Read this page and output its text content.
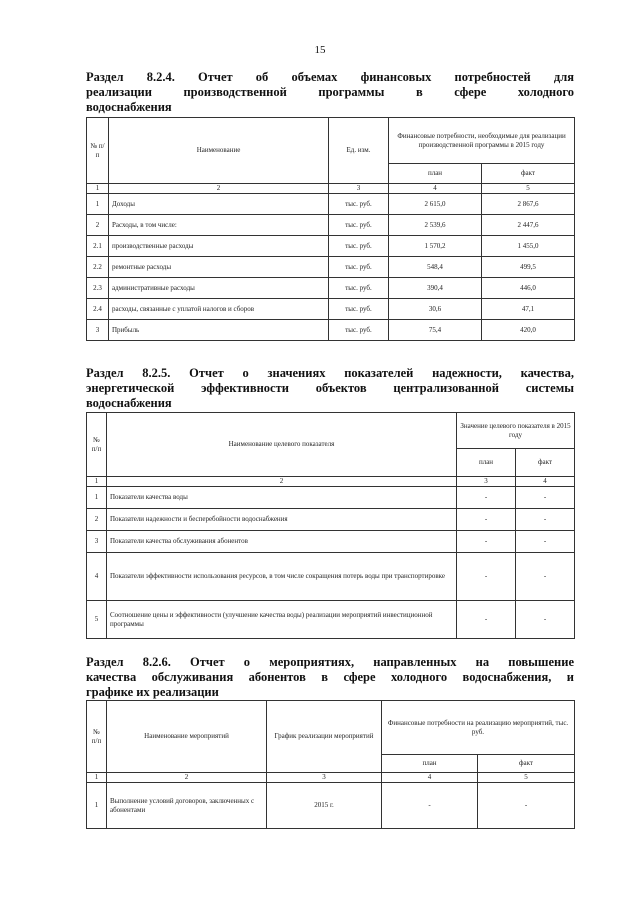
15
Раздел 8.2.4. Отчет об объемах финансовых потребностей для
реализации производственной программы в сфере холодного
водоснабжения
№ п/п	Наименование	Ед. изм.	Финансовые потребности, необходимые для реализации производственной программы в 2015 году	
			план	факт
1	2	3	4	5
1	Доходы	тыс. руб.	2 615,0	2 867,6
2	Расходы, в том числе:	тыс. руб.	2 539,6	2 447,6
2.1	производственные расходы	тыс. руб.	1 570,2	1 455,0
2.2	ремонтные расходы	тыс. руб.	548,4	499,5
2.3	административные расходы	тыс. руб.	390,4	446,0
2.4	расходы, связанные с уплатой налогов и сборов	тыс. руб.	30,6	47,1
3	Прибыль	тыс. руб.	75,4	420,0
Раздел 8.2.5. Отчет о значениях показателей надежности, качества,
энергетической эффективности объектов централизованной системы
водоснабжения
№ п/п	Наименование целевого показателя	Значение целевого показателя в 2015 году	
		план	факт
1	2	3	4
1	Показатели качества воды	-	-
2	Показатели надежности и бесперебойности водоснабжения	-	-
3	Показатели качества обслуживания абонентов	-	-
4	Показатели эффективности использования ресурсов, в том числе сокращения потерь воды при транспортировке	-	-
5	Соотношение цены и эффективности (улучшение качества воды) реализации мероприятий инвестиционной программы	-	-
Раздел 8.2.6. Отчет о мероприятиях, направленных на повышение
качества обслуживания абонентов в сфере холодного водоснабжения, и
графике их реализации
№ п/п	Наименование мероприятий	График реализации мероприятий	Финансовые потребности на реализацию мероприятий, тыс. руб.	
			план	факт
1	2	3	4	5
1	Выполнение условий договоров, заключенных с абонентами	2015 г.	-	-
